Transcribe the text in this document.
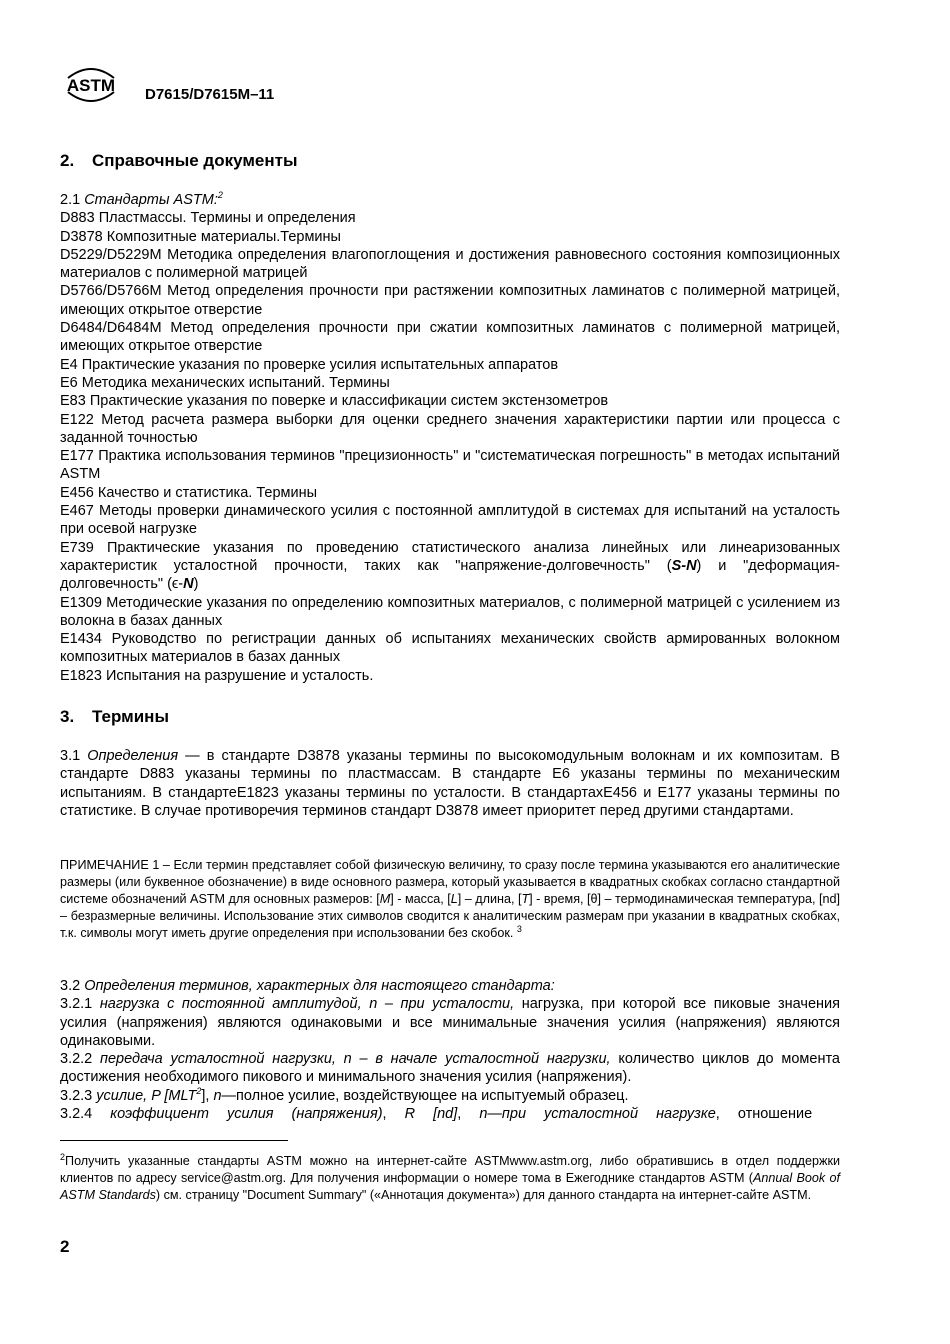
ASTM D7615/D7615M–11
2. Справочные документы

2.1 Стандарты ASTM:$^2$

D883 Пластмассы. Термины и определения

D3878 Композитные материалы.Термины

D5229/D5229M Методика определения влагопоглощения и достижения равновесного состояния композиционных материалов с полимерной матрицей

D5766/D5766M Метод определения прочности при растяжении композитных ламинатов с полимерной матрицей, имеющих открытое отверстие

D6484/D6484M Метод определения прочности при сжатии композитных ламинатов с полимерной матрицей, имеющих открытое отверстие

E4 Практические указания по проверке усилия испытательных аппаратов

E6 Методика механических испытаний. Термины

E83 Практические указания по поверке и классификации систем экстензометров

E122 Метод расчета размера выборки для оценки среднего значения характеристики партии или процесса с заданной точностью

E177 Практика использования терминов "прецизионность" и "систематическая погрешность" в методах испытаний ASTM

E456 Качество и статистика. Термины

E467 Методы проверки динамического усилия с постоянной амплитудой в системах для испытаний на усталость при осевой нагрузке

E739 Практические указания по проведению статистического анализа линейных или линеаризованных характеристик усталостной прочности, таких как "напряжение-долговечность" (S-N) и "деформация-долговечность" (ϵ-N)

E1309 Методические указания по определению композитных материалов, с полимерной матрицей с усилением из волокна в базах данных

E1434 Руководство по регистрации данных об испытаниях механических свойств армированных волокном композитных материалов в базах данных

E1823 Испытания на разрушение и усталость.

3. Термины

3.1 Определения — в стандарте D3878 указаны термины по высокомодульным волокнам и их композитам. В стандарте D883 указаны термины по пластмассам. В стандарте E6 указаны термины по механическим испытаниям. В стандартеE1823 указаны термины по усталости. В стандартахE456 и E177 указаны термины по статистике. В случае противоречия терминов стандарт D3878 имеет приоритет перед другими стандартами.

ПРИМЕЧАНИЕ 1 – Если термин представляет собой физическую величину, то сразу после термина указываются его аналитические размеры (или буквенное обозначение) в виде основного размера, который указывается в квадратных скобках согласно стандартной системе обозначений ASTM для основных размеров: [M] - масса, [L] – длина, [T] - время, [θ] – термодинамическая температура, [nd] – безразмерные величины. Использование этих символов сводится к аналитическим размерам при указании в квадратных скобках, т.к. символы могут иметь другие определения при использовании без скобок. $^3$

3.2 Определения терминов, характерных для настоящего стандарта:

3.2.1 нагрузка с постоянной амплитудой, n – при усталости, нагрузка, при которой все пиковые значения усилия (напряжения) являются одинаковыми и все минимальные значения усилия (напряжения) являются одинаковыми.

3.2.2 передача усталостной нагрузки, n – в начале усталостной нагрузки, количество циклов до момента достижения необходимого пикового и минимального значения усилия (напряжения).

3.2.3 усилие, P [MLT$^2$], n—полное усилие, воздействующее на испытуемый образец.

3.2.4 коэффициент усилия (напряжения), R [nd], n—при усталостной нагрузке, отношение

$^2$Получить указанные стандарты ASTM можно на интернет-сайте ASTMwww.astm.org, либо обратившись в отдел поддержки клиентов по адресу service@astm.org. Для получения информации о номере тома в Ежегоднике стандартов ASTM (Annual Book of ASTM Standards) см. страницу "Document Summary" («Аннотация документа») для данного стандарта на интернет-сайте ASTM.

2
